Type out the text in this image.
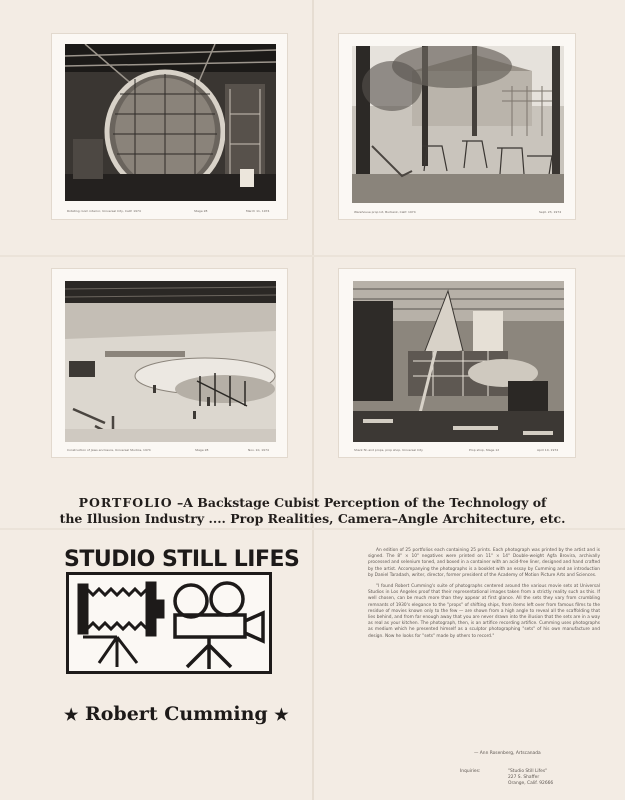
Rotating room interior, Universal City, Calif. 1974	Stage 28	March 11, 1974	Warehouse prop lot, Burbank, Calif. 1974	Sept. 23, 1974
Construction of Jaws enclosure, Universal Studios, 1974	Stage 28	Nov. 10, 1974	Shark fin and props, prop shop, Universal City	Prop shop, Stage 12	April 10, 1974
PORTFOLIO –A Backstage Cubist Perception of the Technology of
the Illusion Industry .... Prop Realities, Camera–Angle Architecture, etc.
STUDIO STILL LIFES
★ Robert Cumming ★

An edition of 25 portfolios each containing 25 prints. Each photograph was printed by the artist and is signed. The 8" × 10" negatives were printed on 11" × 14" Double-weight Agfa Brovira, archivally processed and selenium toned, and boxed in a container with an acid-free liner, designed and hand crafted by the artist. Accompanying the photographs is a booklet with an essay by Cumming and an introduction by Daniel Taradash, writer, director, former president of the Academy of Motion Picture Arts and Sciences.

"I found Robert Cumming's suite of photographs centered around the various movie sets at Universal Studios in Los Angeles proof that their representational images taken from a strictly reality such as this. If well chosen, can be much more than they appear at first glance. All the sets they vary from crumbling remnants of 1930's elegance to the "props" of shifting ships, from items left over from famous films to the residue of movies known only to the few — are shown from a high angle to reveal all the scaffolding that lies behind, and from far enough away that you are never drawn into the illusion that the sets are in a way as real as your kitchen. The photograph, then, is an artifice recording artifice. Cumming uses photographs as medium which he presented himself as a sculptor photographing "sets" of his own manufacture and design. Now he looks for "sets" made by others to record."

— Ann Rosenberg, Artscanada
Inquiries:	"Studio Still Lifes"
227 S. Shaffer
Orange, Calif. 92666
